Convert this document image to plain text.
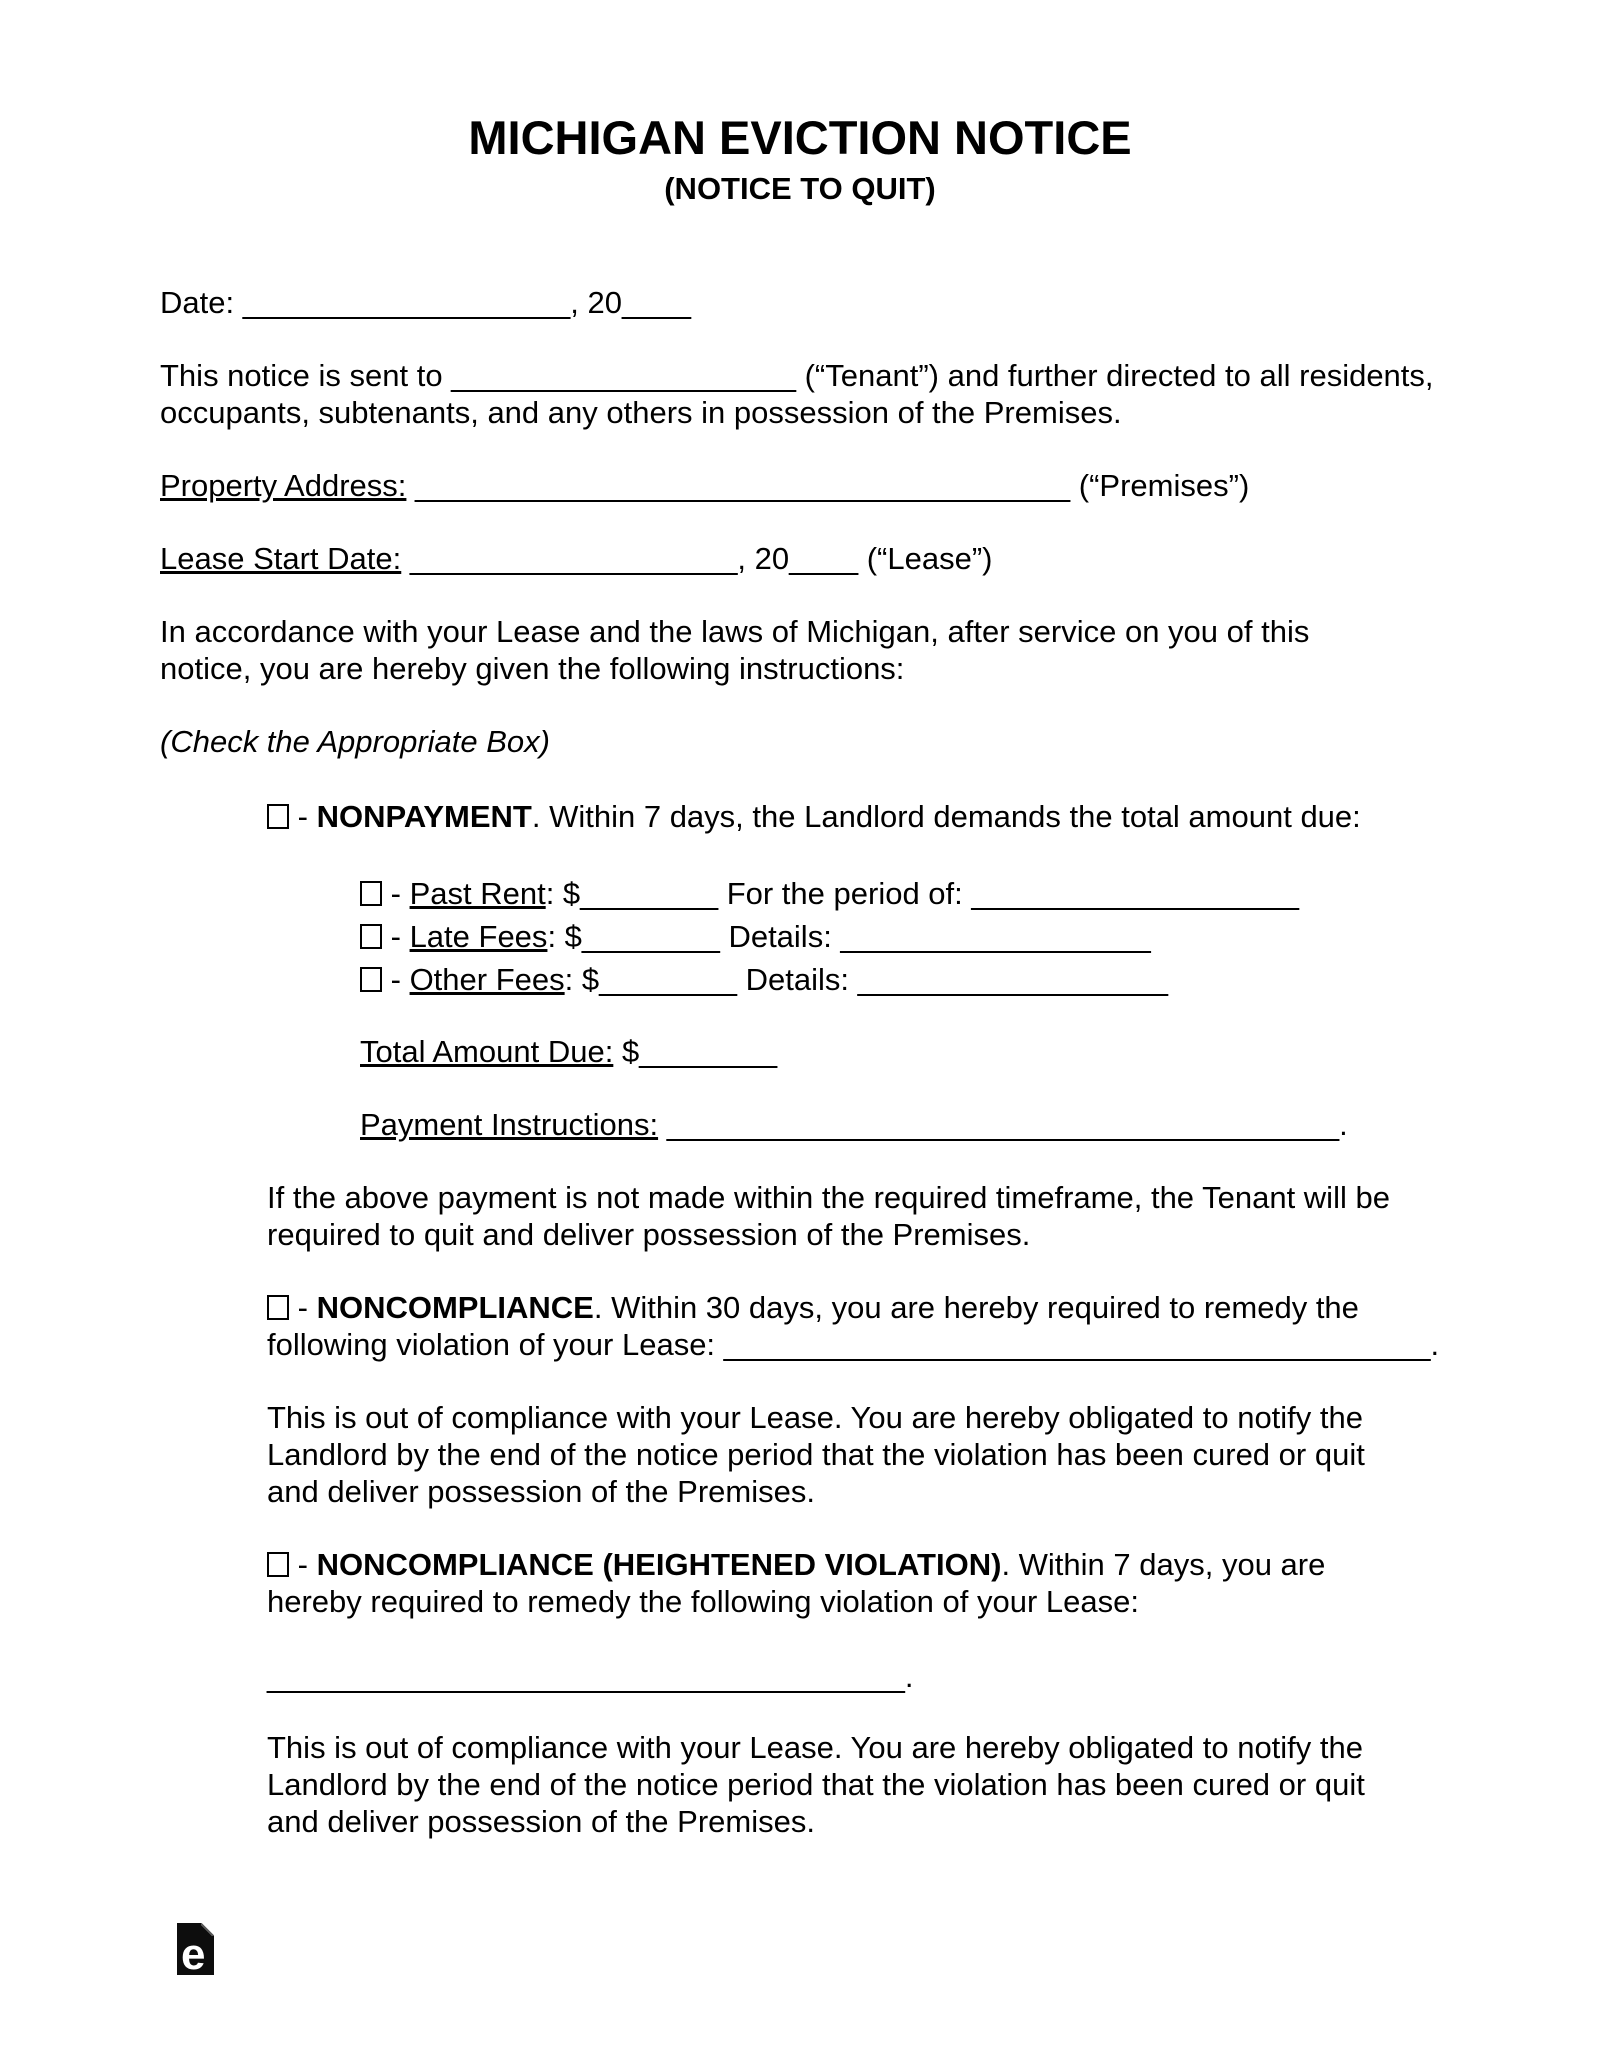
MICHIGAN EVICTION NOTICE
(NOTICE TO QUIT)
Date: ___________________, 20____
This notice is sent to ____________________ (“Tenant”) and further directed to all residents,
occupants, subtenants, and any others in possession of the Premises.
Property Address: ______________________________________ (“Premises”)
Lease Start Date: ___________________, 20____ (“Lease”)
In accordance with your Lease and the laws of Michigan, after service on you of this
notice, you are hereby given the following instructions:
(Check the Appropriate Box)
- NONPAYMENT. Within 7 days, the Landlord demands the total amount due:
- Past Rent: $________ For the period of: ___________________
- Late Fees: $________ Details: __________________
- Other Fees: $________ Details: __________________
Total Amount Due: $________
Payment Instructions: _______________________________________.
If the above payment is not made within the required timeframe, the Tenant will be
required to quit and deliver possession of the Premises.
- NONCOMPLIANCE. Within 30 days, you are hereby required to remedy the
following violation of your Lease: _________________________________________.
This is out of compliance with your Lease. You are hereby obligated to notify the
Landlord by the end of the notice period that the violation has been cured or quit
and deliver possession of the Premises.
- NONCOMPLIANCE (HEIGHTENED VIOLATION). Within 7 days, you are
hereby required to remedy the following violation of your Lease:
_____________________________________.
This is out of compliance with your Lease. You are hereby obligated to notify the
Landlord by the end of the notice period that the violation has been cured or quit
and deliver possession of the Premises.
e
